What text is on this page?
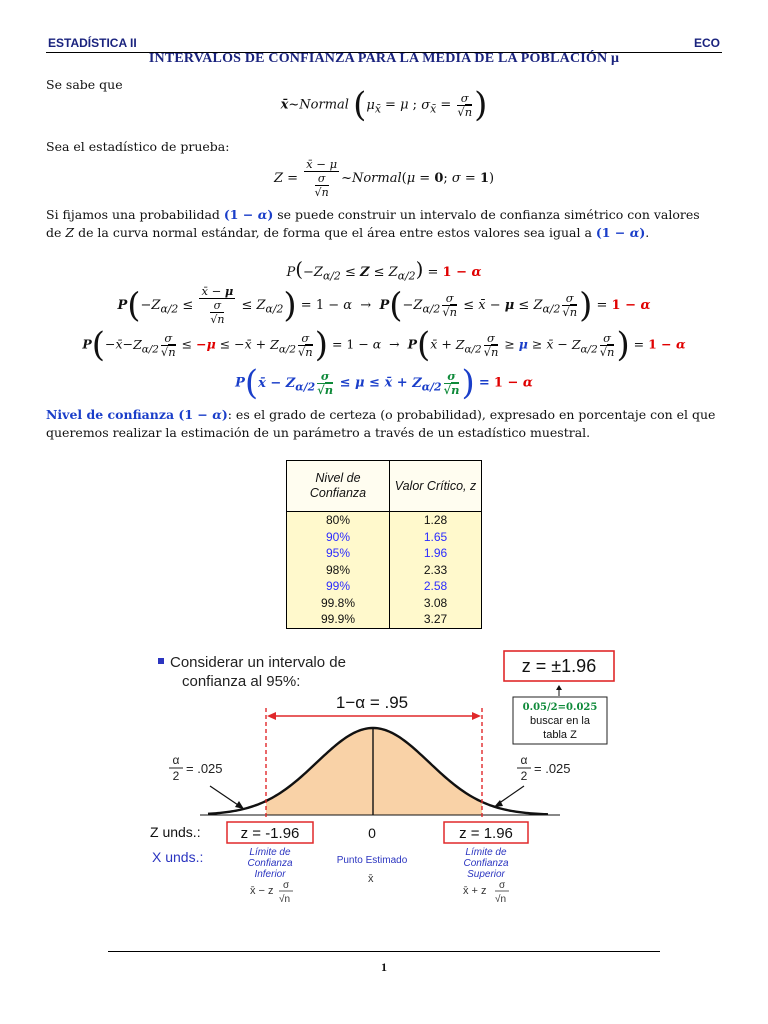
ESTADÍSTICA II	ECO
INTERVALOS DE CONFIANZA PARA LA MEDIA DE LA POBLACIÓN μ
Se sabe que
x̄~Normal ($\mu_{x̄} = \mu$ ; $\sigma_{x̄} = \frac{\sigma}{√n}$ )
Sea el estadístico de prueba:
$Z = \frac{x̄ - \mu}{\frac{\sigma}{√n}}$ ~Normal(μ = 0; σ = 1)
Si fijamos una probabilidad (1 − α) se puede construir un intervalo de confianza simétrico con valores
de Z de la curva normal estándar, de forma que el área entre estos valores sea igual a (1 − α).
$P(-Z_{\alpha/2} \le Z \le Z_{\alpha/2}) = 1 - \alpha$
$P(-Z_{\alpha/2} \le \frac{x̄ - \mu}{\frac{\sigma}{√n}} \le Z_{\alpha/2}) = 1 - \alpha \to P(-Z_{\alpha/2} \frac{\sigma}{√n}$ ≤ x̄ − $\mu \le Z_{\alpha/2} \frac{\sigma}{√n}$ ) = 1 − α
$P(-x̄-Z_{\alpha/2} \frac{\sigma}{√n} \le -\mu$ ≤ −x̄ + $Z_{\alpha/2} \frac{\sigma}{√n}$ ) = 1 − α  →  P(x̄ + $Z_{\alpha/2} \frac{\sigma}{√n} \ge \mu$ ≥ x̄ − $Z_{\alpha/2} \frac{\sigma}{√n}$ ) = 1 − α
P(x̄ − $Z_{\alpha/2} \frac{\sigma}{√n} \le \mu$ ≤ x̄ + $Z_{\alpha/2} \frac{\sigma}{√n}$ ) = 1 − α
Nivel de confianza (1 − α): es el grado de certeza (o probabilidad), expresado en porcentaje con el que
queremos realizar la estimación de un parámetro a través de un estadístico muestral.
Nivel de Confianza	Valor Crítico, z
80%	1.28
90%	1.65
95%	1.96
98%	2.33
99%	2.58
99.8%	3.08
99.9%	3.27
Considerar un intervalo de
confianza al 95%:
z = ±1.96
0.05/2=0.025
buscar en la
tabla Z
1−α = .95
α
2 = .025
α
2 = .025
Z unds.:	z = -1.96	0	z = 1.96
X unds.:	Límite de
Confianza
Inferior
Punto Estimado
Límite de
Confianza
Superior
x̄ − z σ
√n
x̄
x̄ + z σ
√n
1
